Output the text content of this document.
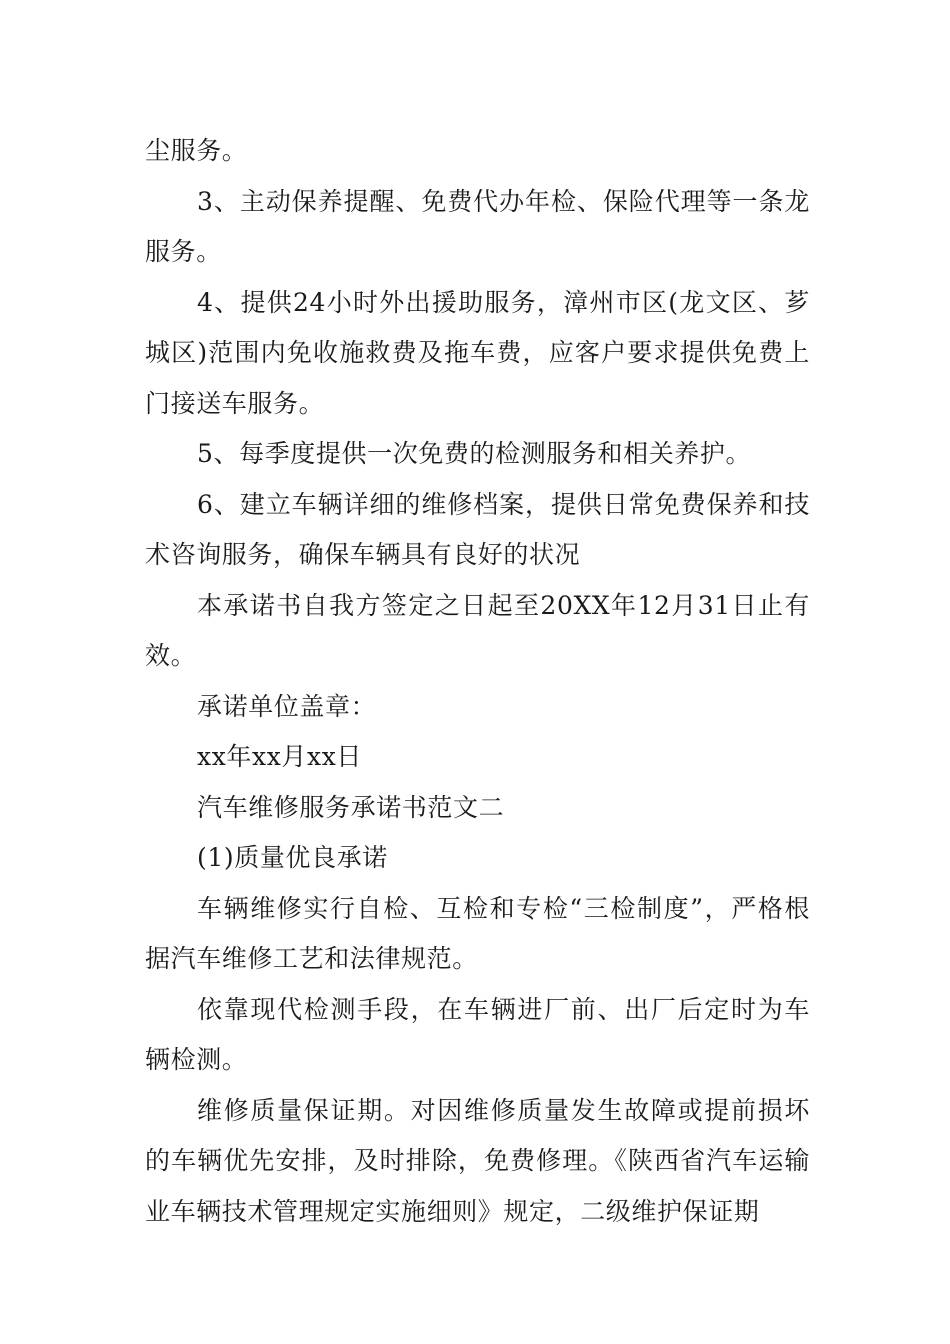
尘服务。

3、主动保养提醒、免费代办年检、保险代理等一条龙服务。

4、提供24小时外出援助服务，漳州市区(龙文区、芗城区)范围内免收施救费及拖车费，应客户要求提供免费上门接送车服务。

5、每季度提供一次免费的检测服务和相关养护。

6、建立车辆详细的维修档案，提供日常免费保养和技术咨询服务，确保车辆具有良好的状况

本承诺书自我方签定之日起至20XX年12月31日止有效。

承诺单位盖章：

xx年xx月xx日

汽车维修服务承诺书范文二

(1)质量优良承诺

车辆维修实行自检、互检和专检“三检制度”，严格根据汽车维修工艺和法律规范。

依靠现代检测手段，在车辆进厂前、出厂后定时为车辆检测。

维修质量保证期。对因维修质量发生故障或提前损坏的车辆优先安排，及时排除，免费修理。《陕西省汽车运输业车辆技术管理规定实施细则》规定，二级维护保证期
